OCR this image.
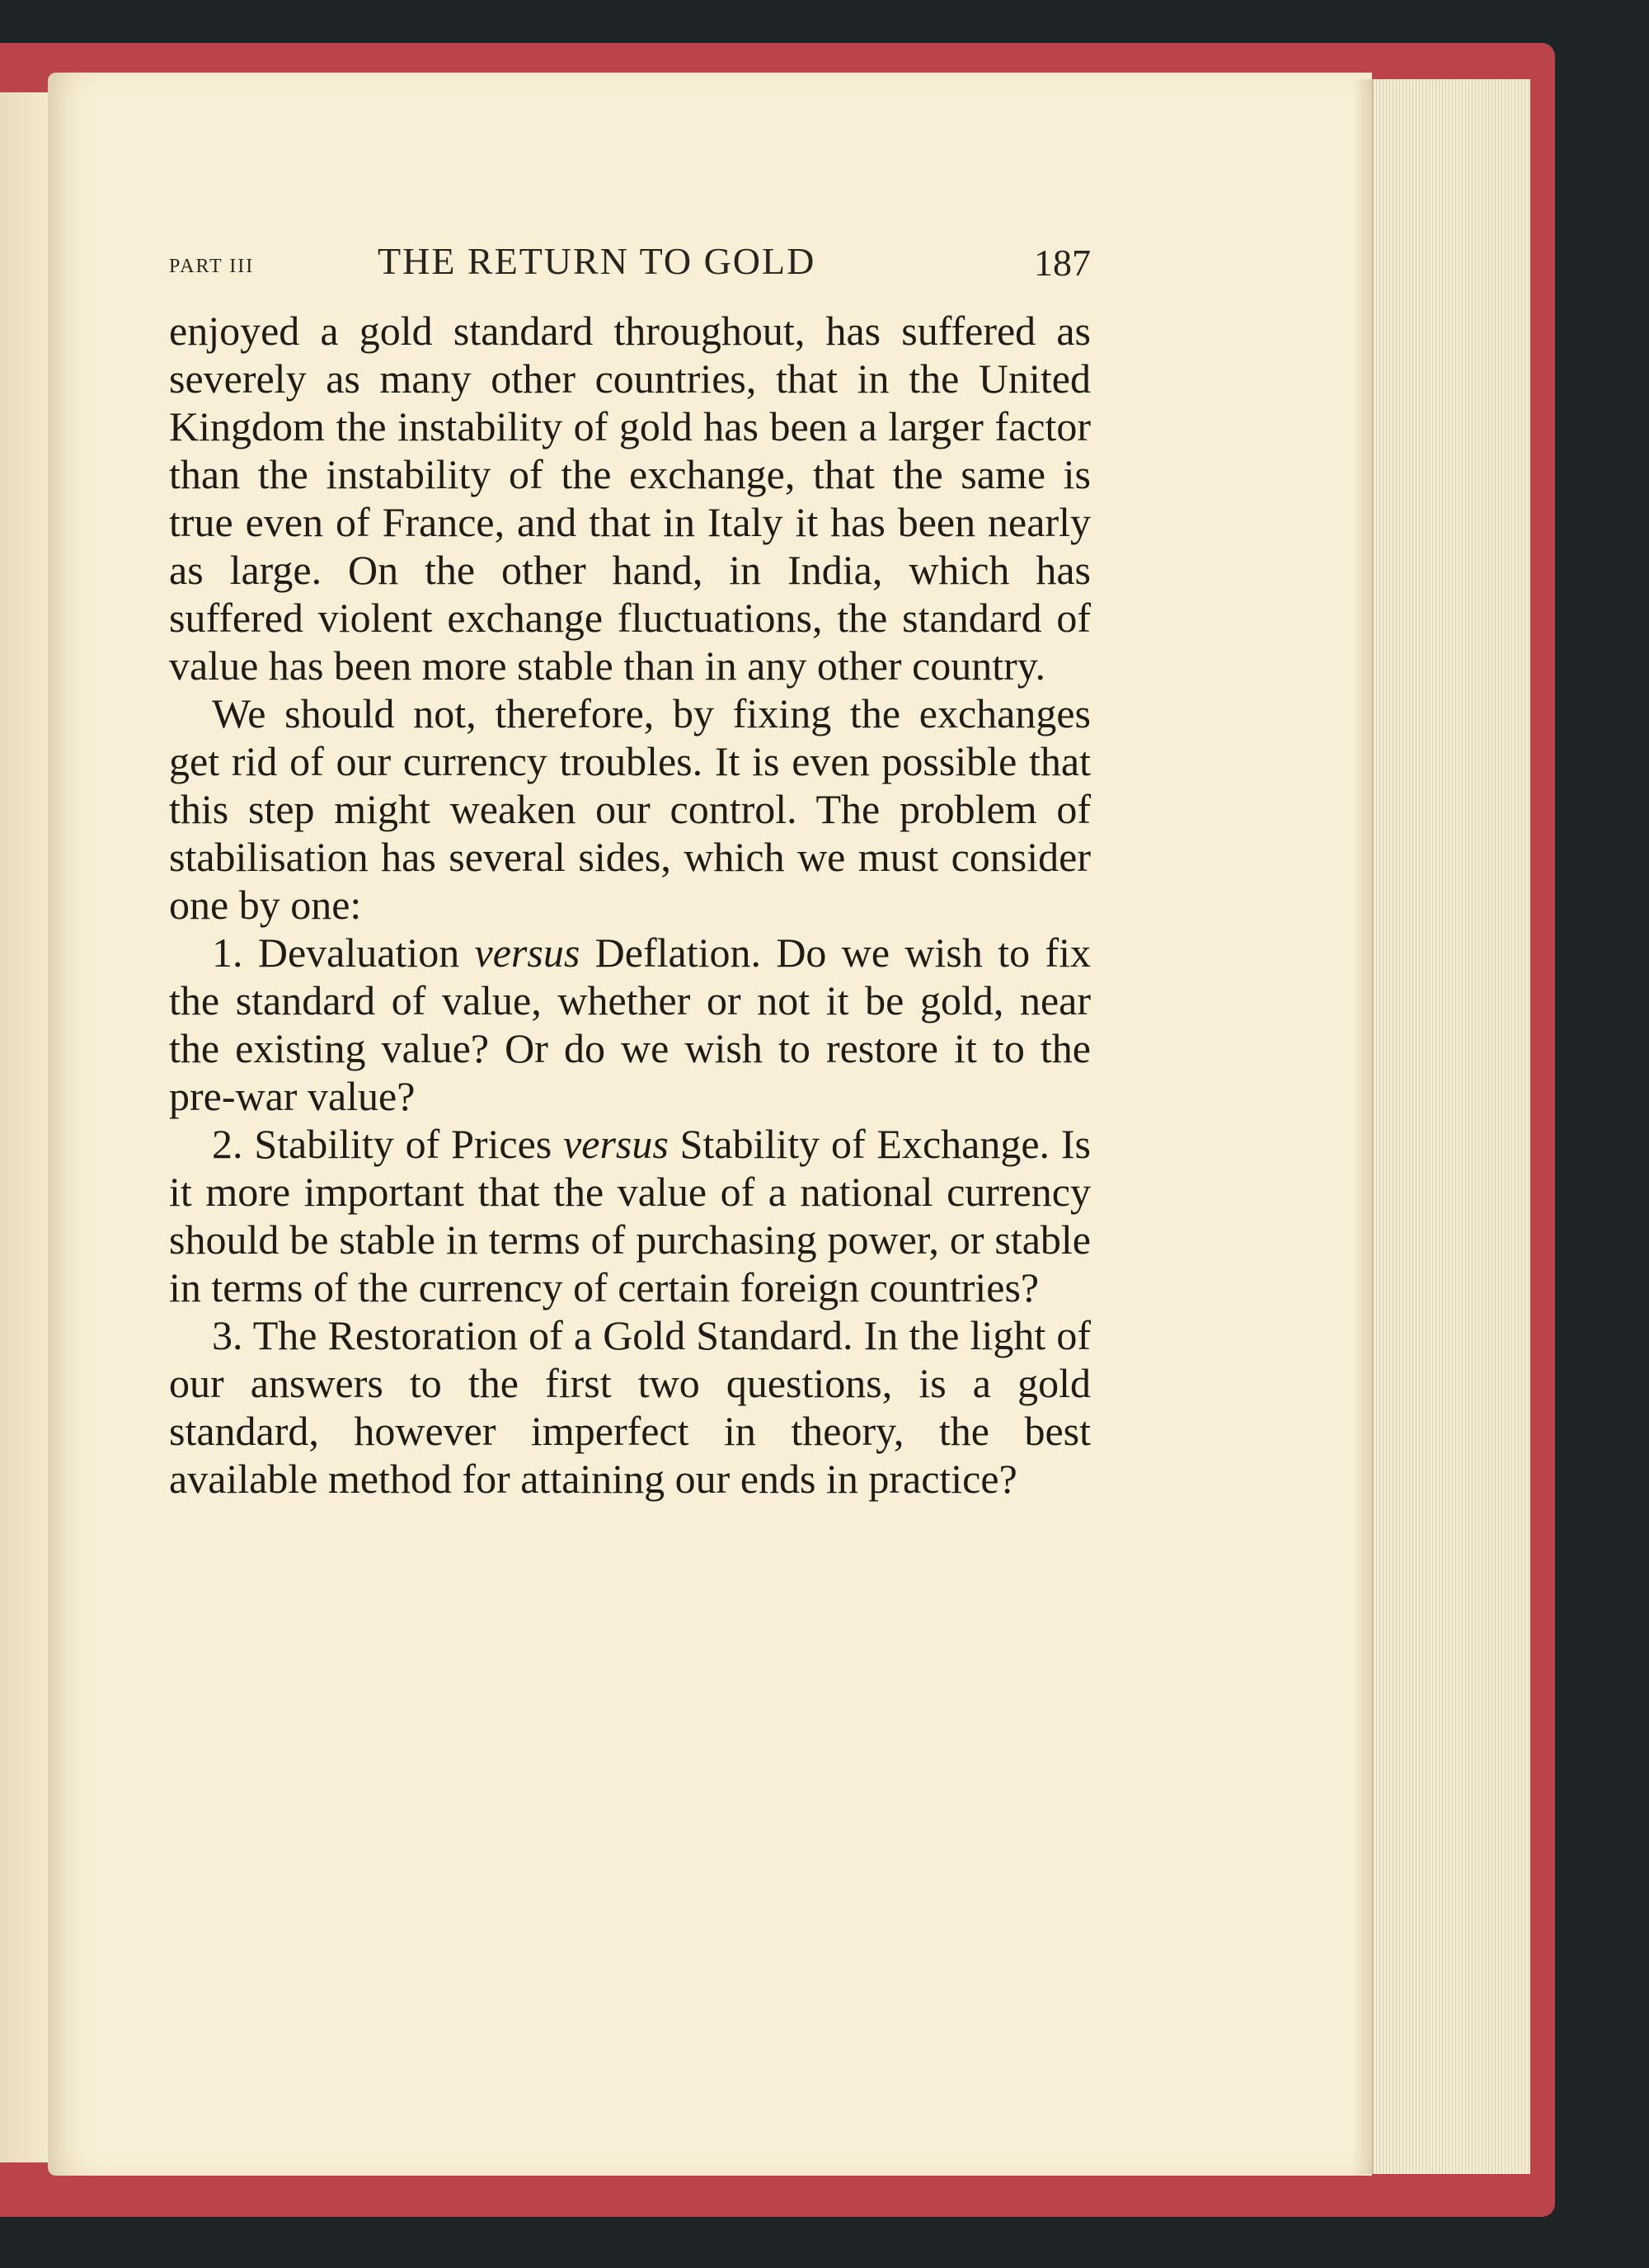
PART III	THE RETURN TO GOLD	187

enjoyed a gold standard throughout, has suffered as severely as many other countries, that in the United Kingdom the instability of gold has been a larger factor than the instability of the exchange, that the same is true even of France, and that in Italy it has been nearly as large. On the other hand, in India, which has suffered violent exchange fluctuations, the standard of value has been more stable than in any other country.

We should not, therefore, by fixing the exchanges get rid of our currency troubles. It is even possible that this step might weaken our control. The problem of stabilisation has several sides, which we must consider one by one:

1. Devaluation versus Deflation. Do we wish to fix the standard of value, whether or not it be gold, near the existing value? Or do we wish to restore it to the pre-war value?

2. Stability of Prices versus Stability of Exchange. Is it more important that the value of a national currency should be stable in terms of purchasing power, or stable in terms of the currency of certain foreign countries?

3. The Restoration of a Gold Standard. In the light of our answers to the first two questions, is a gold standard, however imperfect in theory, the best available method for attaining our ends in practice?
